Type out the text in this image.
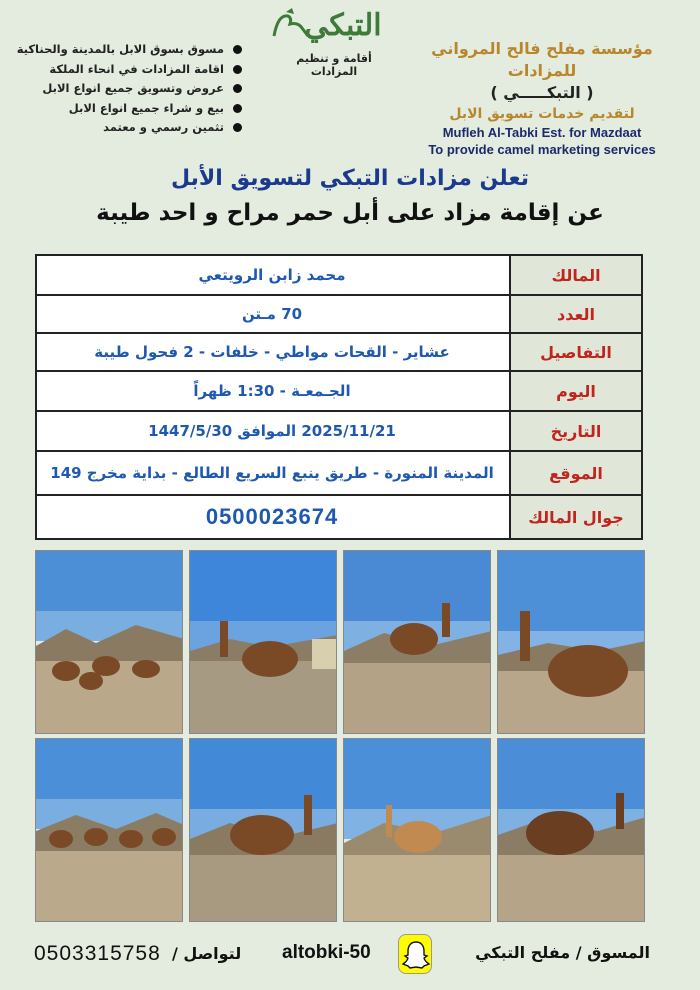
مسوق بسوق الابل بالمدينة والحناكية
اقامة المزادات في انحاء الملكة
عروض وتسويق جميع انواع الابل
بيع و شراء جميع انواع الابل
تثمين رسمي و معتمد
التبكي
أقامة و تنظيم المزادات
مؤسسة مفلح فالح المرواني للمزادات
( التبكـــــي )
لتقديم خدمات تسويق الابل
Mufleh Al-Tabki Est. for Mazdaat
To provide camel marketing services
تعلن مزادات التبكي لتسويق الأبل
عن إقامة مزاد على أبل حمر مراح و احد طيبة
المالك
محمد زابن الرويتعي
العدد
70 مـتن
التفاصيل
عشاير - القحات مواطي - خلفات - 2 فحول طيبة
اليوم
الجـمعـة - 1:30 ظهراً
التاريخ
2025/11/21 الموافق 1447/5/30
الموقع
المدينة المنورة - طريق ينبع السريع الطالع - بداية مخرج 149
جوال المالك
0500023674
0503315758 لتواصل / altobki-50	المسوق / مفلح التبكي
